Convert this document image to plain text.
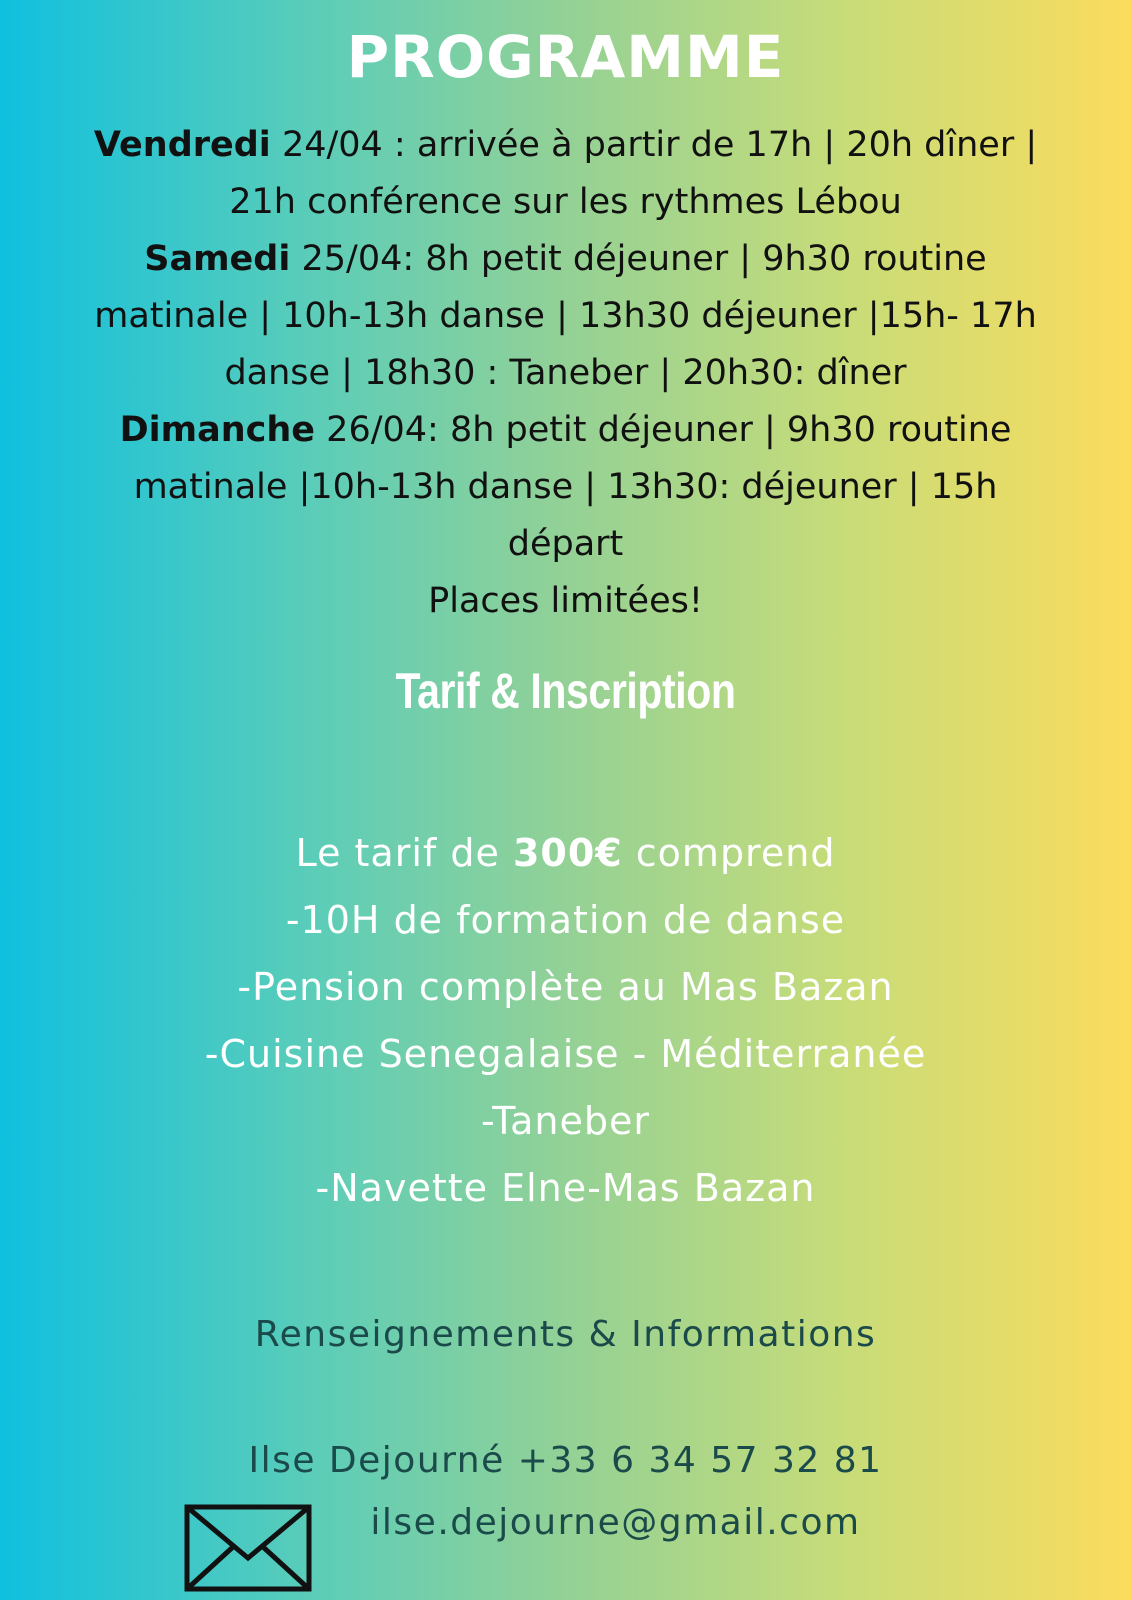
PROGRAMME

Vendredi 24/04 : arrivée à partir de 17h | 20h dîner |
21h conférence sur les rythmes Lébou

Samedi 25/04: 8h petit déjeuner | 9h30 routine
matinale | 10h-13h danse | 13h30 déjeuner |15h- 17h
danse | 18h30 : Taneber | 20h30: dîner

Dimanche 26/04: 8h petit déjeuner | 9h30 routine
matinale |10h-13h danse | 13h30: déjeuner | 15h
départ

Places limitées!

Tarif & Inscription

Le tarif de 300€ comprend

-10H de formation de danse

-Pension complète au Mas Bazan

-Cuisine Senegalaise - Méditerranée

-Taneber

-Navette Elne-Mas Bazan

Renseignements & Informations
Ilse Dejourné +33 6 34 57 32 81
ilse.dejourne@gmail.com
